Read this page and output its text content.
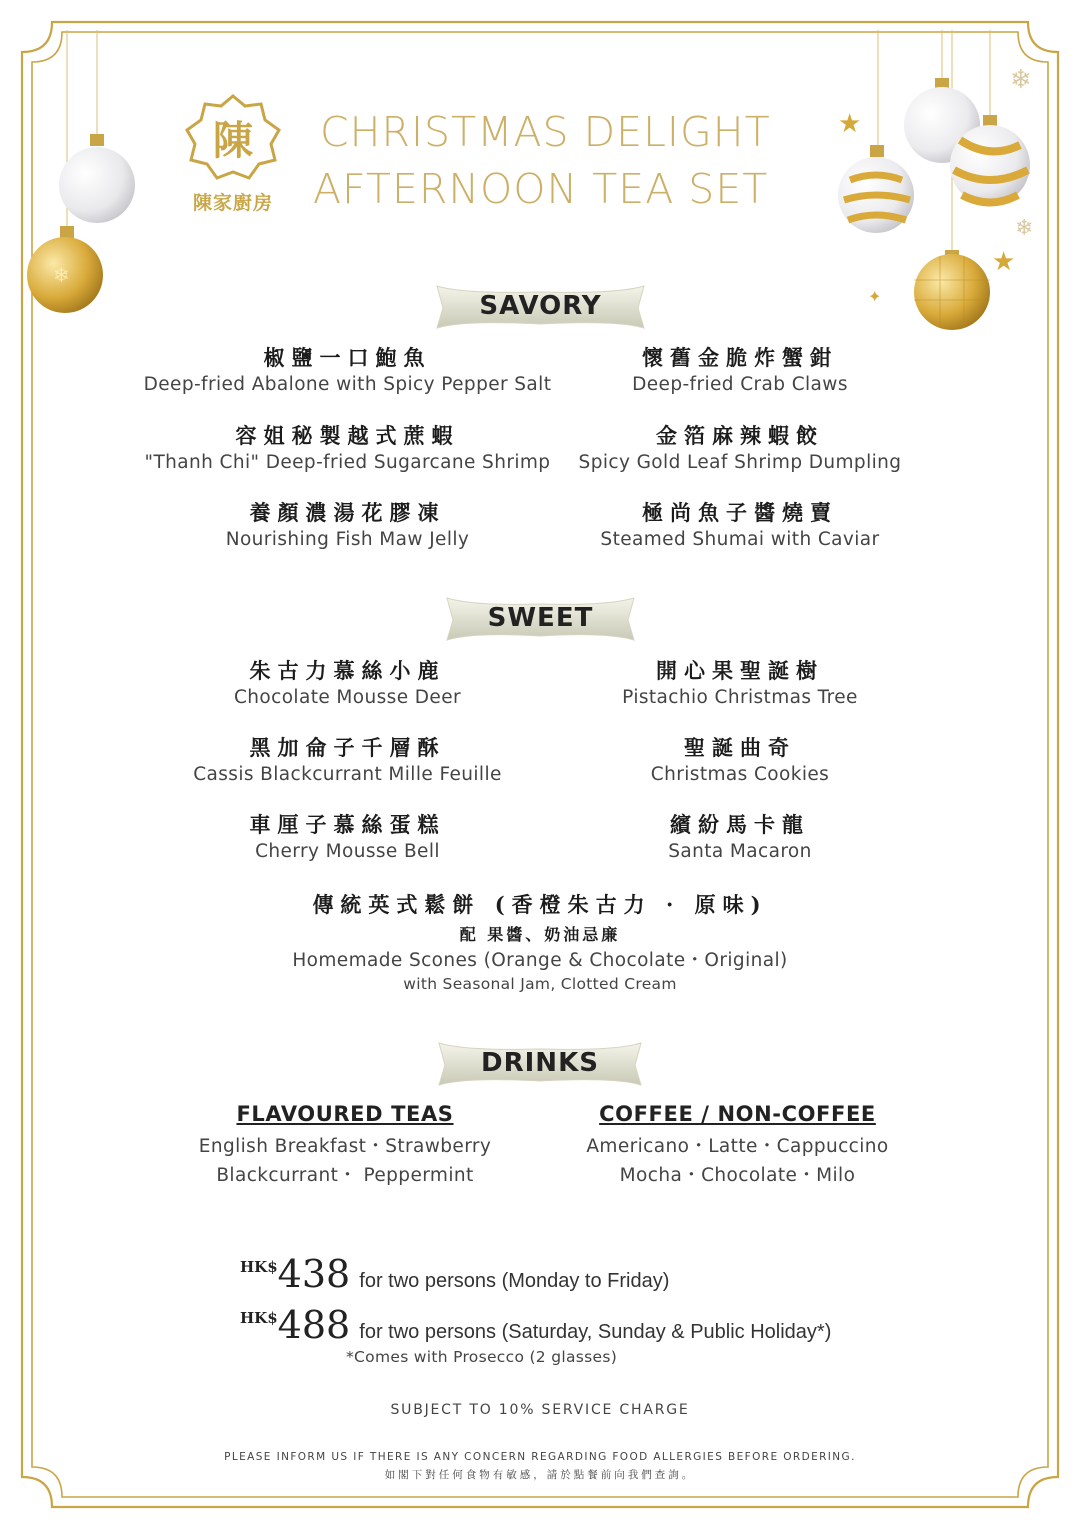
❄
★
★
✦
❄
❄
陳
陳家廚房
CHRISTMAS DELIGHT
AFTERNOON TEA SET
SAVORY
椒鹽一口鮑魚
Deep-fried Abalone with Spicy Pepper Salt
懷舊金脆炸蟹鉗
Deep-fried Crab Claws
容姐秘製越式蔗蝦
"Thanh Chi" Deep-fried Sugarcane Shrimp
金箔麻辣蝦餃
Spicy Gold Leaf Shrimp Dumpling
養顏濃湯花膠凍
Nourishing Fish Maw Jelly
極尚魚子醬燒賣
Steamed Shumai with Caviar
SWEET
朱古力慕絲小鹿
Chocolate Mousse Deer
開心果聖誕樹
Pistachio Christmas Tree
黑加侖子千層酥
Cassis Blackcurrant Mille Feuille
聖誕曲奇
Christmas Cookies
車厘子慕絲蛋糕
Cherry Mousse Bell
繽紛馬卡龍
Santa Macaron
傳統英式鬆餅 (香橙朱古力 · 原味)
配 果醬、奶油忌廉
Homemade Scones (Orange & Chocolate・Original)
with Seasonal Jam, Clotted Cream
DRINKS
FLAVOURED TEAS
English Breakfast・Strawberry
Blackcurrant・ Peppermint
COFFEE / NON-COFFEE
Americano・Latte・Cappuccino
Mocha・Chocolate・Milo
HK$438 for two persons (Monday to Friday)
HK$488 for two persons (Saturday, Sunday & Public Holiday*)
*Comes with Prosecco (2 glasses)
SUBJECT TO 10% SERVICE CHARGE
PLEASE INFORM US IF THERE IS ANY CONCERN REGARDING FOOD ALLERGIES BEFORE ORDERING.
如閣下對任何食物有敏感，請於點餐前向我們查詢。
